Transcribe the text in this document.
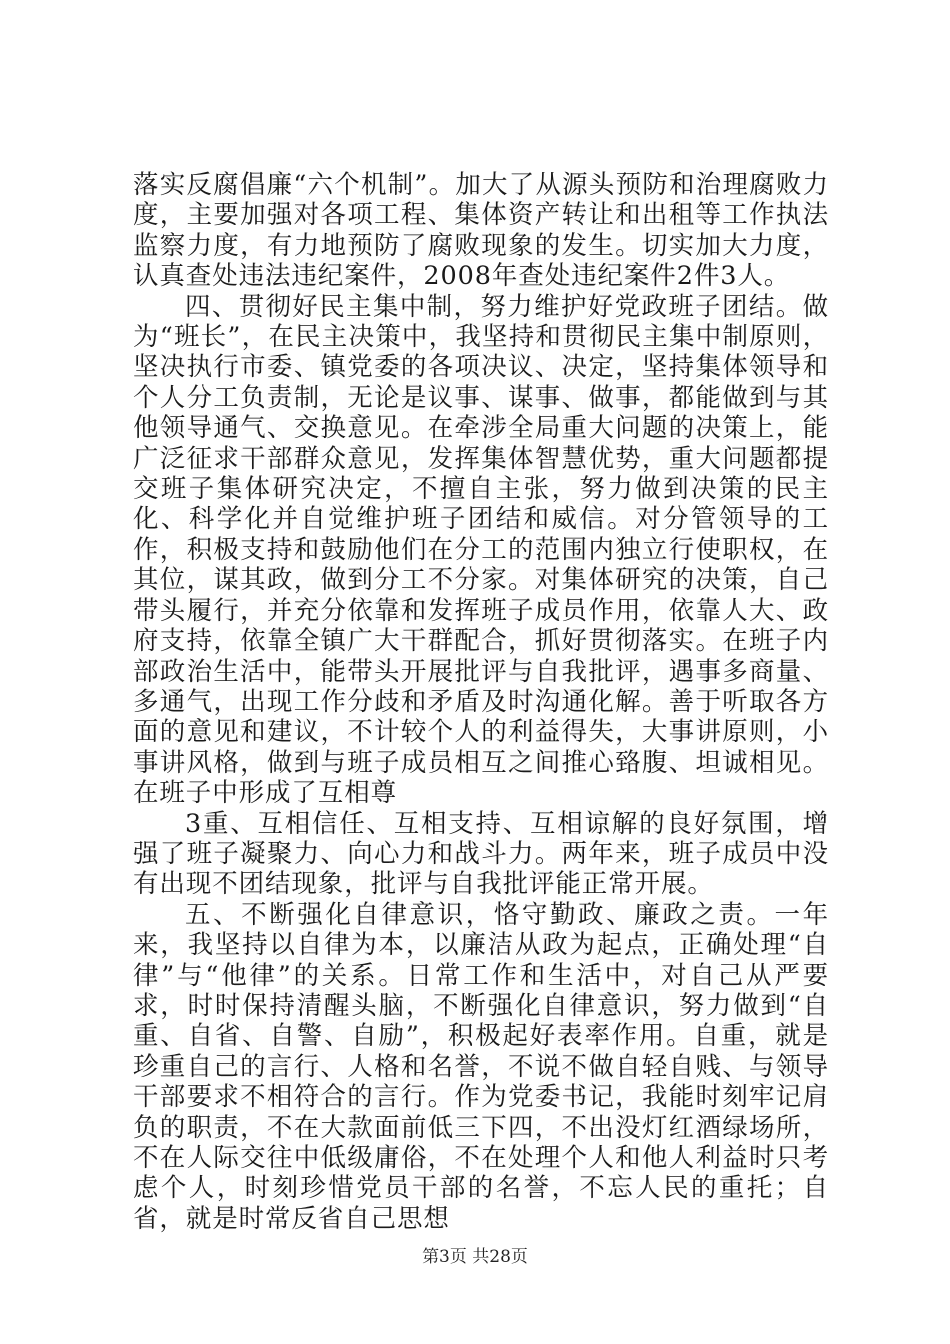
落实反腐倡廉“六个机制”。加大了从源头预防和治理腐败力度，主要加强对各项工程、集体资产转让和出租等工作执法监察力度，有力地预防了腐败现象的发生。切实加大力度，认真查处违法违纪案件，2008年查处违纪案件2件3人。

四、贯彻好民主集中制，努力维护好党政班子团结。做为“班长”，在民主决策中，我坚持和贯彻民主集中制原则，坚决执行市委、镇党委的各项决议、决定，坚持集体领导和个人分工负责制，无论是议事、谋事、做事，都能做到与其他领导通气、交换意见。在牵涉全局重大问题的决策上，能广泛征求干部群众意见，发挥集体智慧优势，重大问题都提交班子集体研究决定，不擅自主张，努力做到决策的民主化、科学化并自觉维护班子团结和威信。对分管领导的工作，积极支持和鼓励他们在分工的范围内独立行使职权，在其位，谋其政，做到分工不分家。对集体研究的决策，自己带头履行，并充分依靠和发挥班子成员作用，依靠人大、政府支持，依靠全镇广大干群配合，抓好贯彻落实。在班子内部政治生活中，能带头开展批评与自我批评，遇事多商量、多通气，出现工作分歧和矛盾及时沟通化解。善于听取各方面的意见和建议，不计较个人的利益得失，大事讲原则，小事讲风格，做到与班子成员相互之间推心臵腹、坦诚相见。在班子中形成了互相尊

3重、互相信任、互相支持、互相谅解的良好氛围，增强了班子凝聚力、向心力和战斗力。两年来，班子成员中没有出现不团结现象，批评与自我批评能正常开展。

五、不断强化自律意识，恪守勤政、廉政之责。一年来，我坚持以自律为本，以廉洁从政为起点，正确处理“自律”与“他律”的关系。日常工作和生活中，对自己从严要求，时时保持清醒头脑，不断强化自律意识，努力做到“自重、自省、自警、自励”，积极起好表率作用。自重，就是珍重自己的言行、人格和名誉，不说不做自轻自贱、与领导干部要求不相符合的言行。作为党委书记，我能时刻牢记肩负的职责，不在大款面前低三下四，不出没灯红酒绿场所，不在人际交往中低级庸俗，不在处理个人和他人利益时只考虑个人，时刻珍惜党员干部的名誉，不忘人民的重托；自省，就是时常反省自己思想

第3页 共28页
